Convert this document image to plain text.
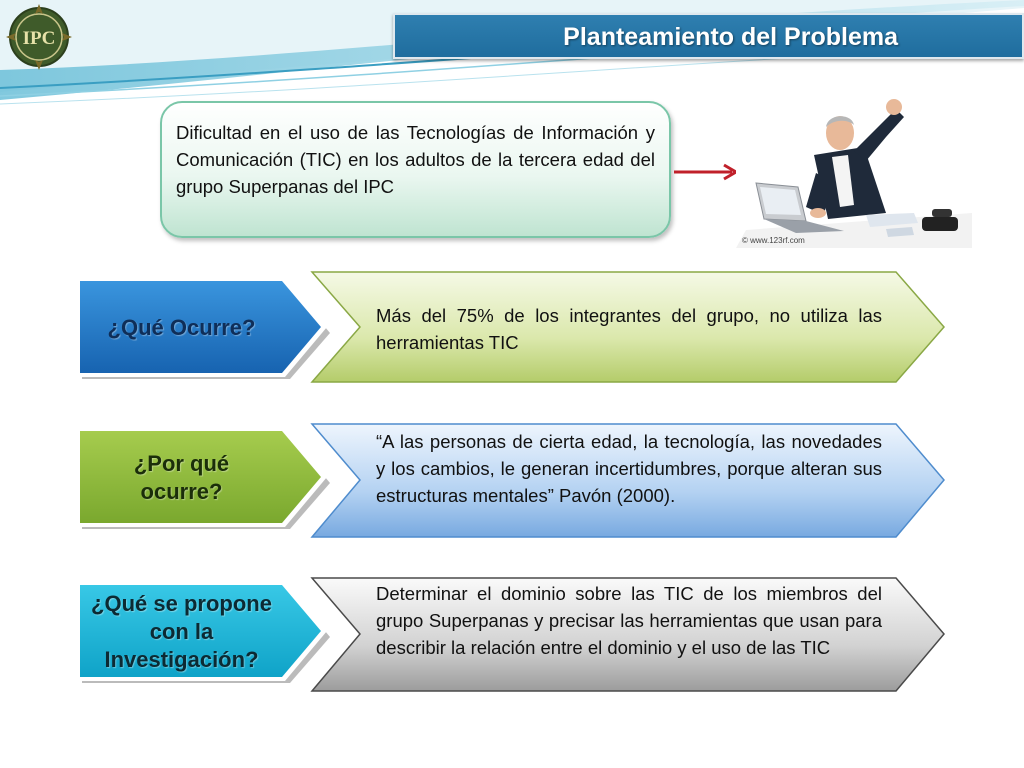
IPC	Planteamiento del Problema
Dificultad en el uso de las Tecnologías de Información y Comunicación (TIC) en los adultos de la tercera edad del grupo Superpanas del IPC
© www.123rf.com
¿Qué Ocurre?	Más del 75% de los integrantes del grupo, no utiliza las herramientas TIC
¿Por qué ocurre?
“A las personas de cierta edad, la tecnología, las novedades y los cambios, le generan incertidumbres, porque alteran sus estructuras mentales” Pavón (2000).
¿Qué se propone con la Investigación?
Determinar el dominio sobre las TIC de los miembros del grupo Superpanas y precisar las herramientas que usan para describir la relación entre el dominio y el uso de las TIC
